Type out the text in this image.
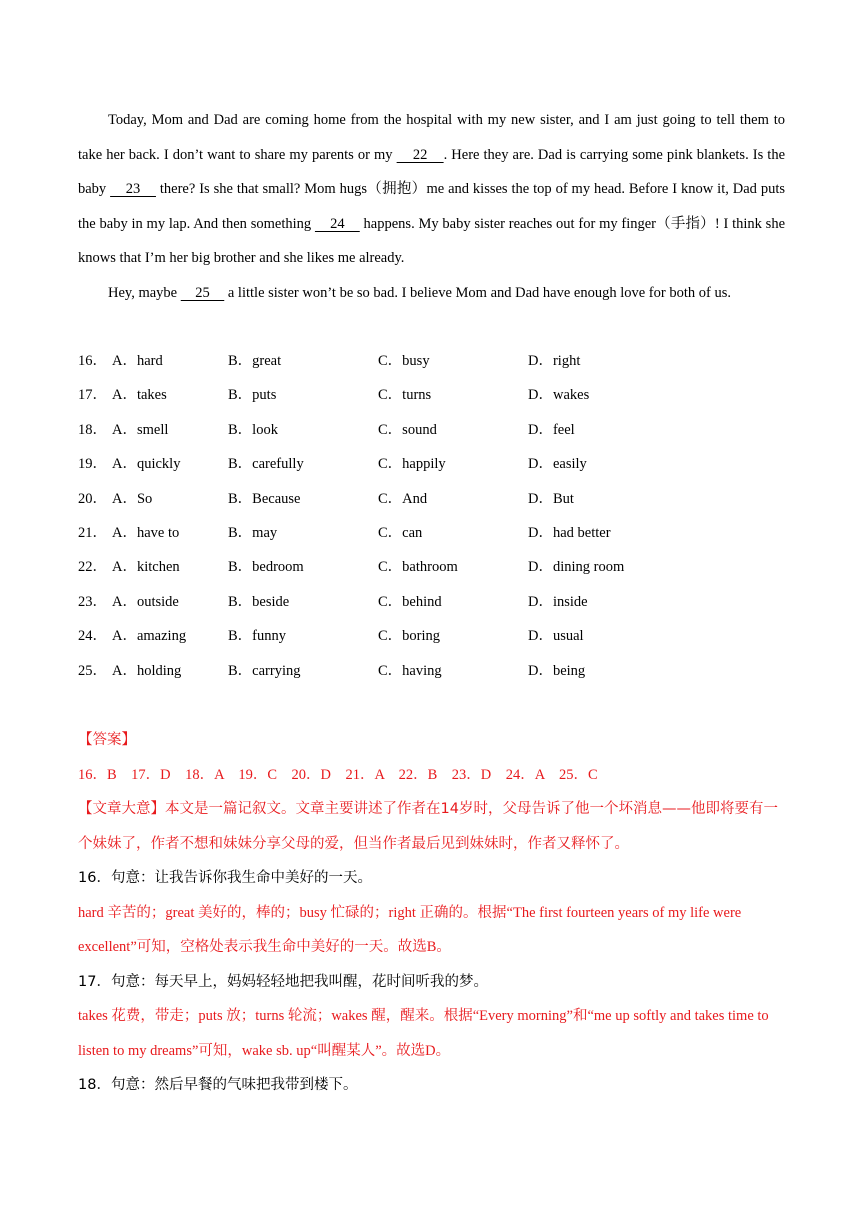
Today, Mom and Dad are coming home from the hospital with my new sister, and I am just going to tell them to take her back. I don’t want to share my parents or my     22    . Here they are. Dad is carrying some pink blankets. Is the baby     23     there? Is she that small? Mom hugs（拥抱）me and kisses the top of my head. Before I know it, Dad puts the baby in my lap. And then something     24     happens. My baby sister reaches out for my finger（手指）! I think she knows that I’m her big brother and she likes me already.

Hey, maybe     25     a little sister won’t be so bad. I believe Mom and Dad have enough love for both of us.

16． A．hard	B．great	C．busy	D．right
17． A．takes	B．puts	C．turns	D．wakes
18． A．smell	B．look	C．sound	D．feel
19． A．quickly	B．carefully	C．happily	D．easily
20． A．So	B．Because	C．And	D．But
21． A．have to	B．may	C．can	D．had better
22． A．kitchen	B．bedroom	C．bathroom	D．dining room
23． A．outside	B．beside	C．behind	D．inside
24． A．amazing	B．funny	C．boring	D．usual
25． A．holding	B．carrying	C．having	D．being

【答案】

16．B　17．D　18．A　19．C　20．D　21．A　22．B　23．D　24．A　25．C

【文章大意】本文是一篇记叙文。文章主要讲述了作者在14岁时，父母告诉了他一个坏消息——他即将要有一个妹妹了，作者不想和妹妹分享父母的爱，但当作者最后见到妹妹时，作者又释怀了。

16．句意：让我告诉你我生命中美好的一天。

hard 辛苦的；great 美好的，棒的；busy 忙碌的；right 正确的。根据“The first fourteen years of my life were excellent”可知，空格处表示我生命中美好的一天。故选B。

17．句意：每天早上，妈妈轻轻地把我叫醒，花时间听我的梦。

takes 花费，带走；puts 放；turns 轮流；wakes 醒，醒来。根据“Every morning”和“me up softly and takes time to listen to my dreams”可知，wake sb. up“叫醒某人”。故选D。

18．句意：然后早餐的气味把我带到楼下。
